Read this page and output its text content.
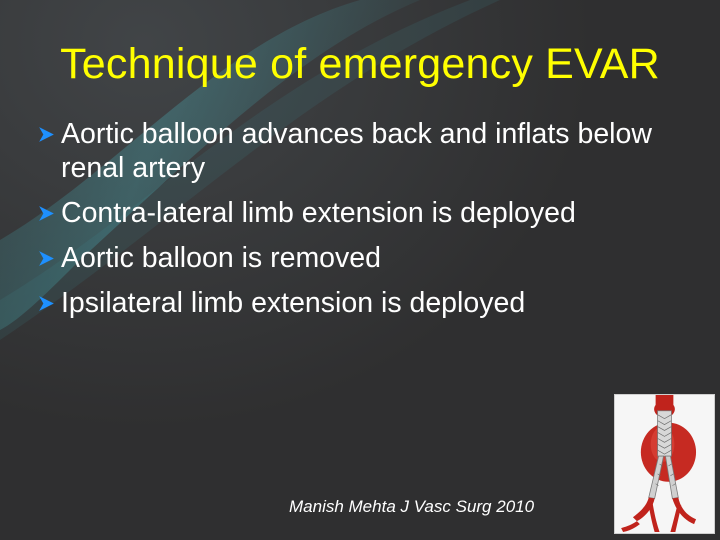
Technique of emergency EVAR
Aortic balloon advances back and inflats below renal artery
Contra-lateral limb extension is deployed
Aortic balloon is removed
Ipsilateral limb extension is deployed
Manish Mehta J Vasc Surg 2010
